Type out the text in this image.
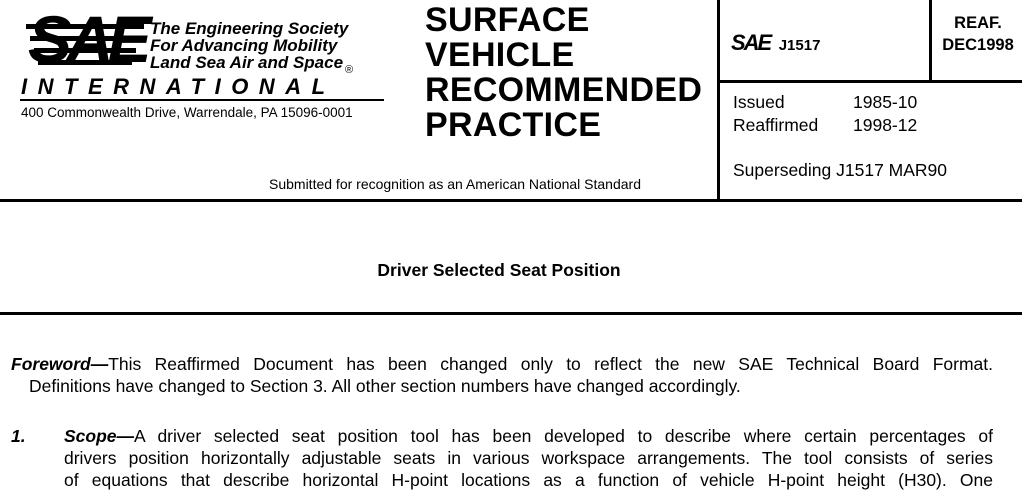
SAE The Engineering Society
For Advancing Mobility
Land Sea Air and Space $_®$
INTERNATIONAL
400 Commonwealth Drive, Warrendale, PA 15096-0001
SURFACE
VEHICLE
RECOMMENDED
PRACTICE
Submitted for recognition as an American National Standard
SAE J1517
REAF.
DEC1998
Issued	1985-10
Reaffirmed 1998-12
Superseding J1517 MAR90
Driver Selected Seat Position
Foreword—This Reaffirmed Document has been changed only to reflect the new SAE Technical Board Format.
Definitions have changed to Section 3. All other section numbers have changed accordingly.
1. Scope—A driver selected seat position tool has been developed to describe where certain percentages of
drivers position horizontally adjustable seats in various workspace arrangements. The tool consists of series
of equations that describe horizontal H-point locations as a function of vehicle H-point height (H30). One
